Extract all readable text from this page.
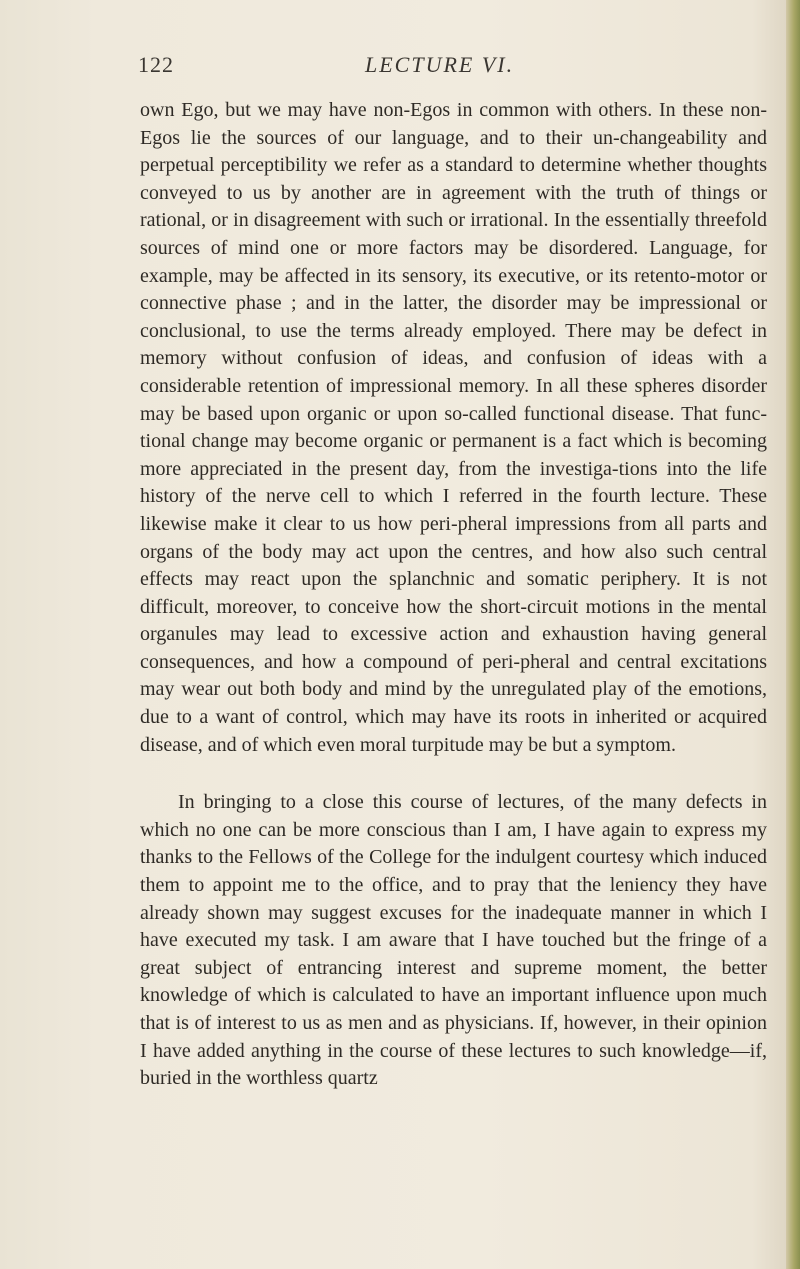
122	LECTURE VI.

own Ego, but we may have non-Egos in common with others. In these non-Egos lie the sources of our language, and to their un-changeability and perpetual perceptibility we refer as a standard to determine whether thoughts conveyed to us by another are in agreement with the truth of things or rational, or in disagreement with such or irrational. In the essentially threefold sources of mind one or more factors may be disordered. Language, for example, may be affected in its sensory, its executive, or its retento-motor or connective phase ; and in the latter, the disorder may be impressional or conclusional, to use the terms already employed. There may be defect in memory without confusion of ideas, and confusion of ideas with a considerable retention of impressional memory. In all these spheres disorder may be based upon organic or upon so-called functional disease. That func-tional change may become organic or permanent is a fact which is becoming more appreciated in the present day, from the investiga-tions into the life history of the nerve cell to which I referred in the fourth lecture. These likewise make it clear to us how peri-pheral impressions from all parts and organs of the body may act upon the centres, and how also such central effects may react upon the splanchnic and somatic periphery. It is not difficult, moreover, to conceive how the short-circuit motions in the mental organules may lead to excessive action and exhaustion having general consequences, and how a compound of peri-pheral and central excitations may wear out both body and mind by the unregulated play of the emotions, due to a want of control, which may have its roots in inherited or acquired disease, and of which even moral turpitude may be but a symptom.

In bringing to a close this course of lectures, of the many defects in which no one can be more conscious than I am, I have again to express my thanks to the Fellows of the College for the indulgent courtesy which induced them to appoint me to the office, and to pray that the leniency they have already shown may suggest excuses for the inadequate manner in which I have executed my task. I am aware that I have touched but the fringe of a great subject of entrancing interest and supreme moment, the better knowledge of which is calculated to have an important influence upon much that is of interest to us as men and as physicians. If, however, in their opinion I have added anything in the course of these lectures to such knowledge—if, buried in the worthless quartz
